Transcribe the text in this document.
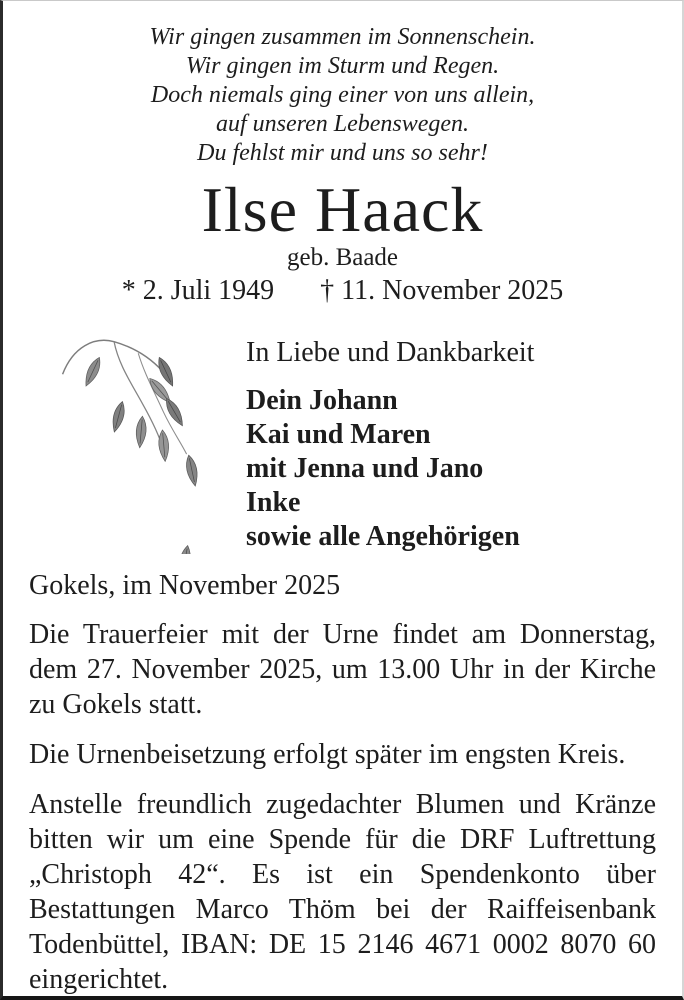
Wir gingen zusammen im Sonnenschein.
Wir gingen im Sturm und Regen.
Doch niemals ging einer von uns allein,
auf unseren Lebenswegen.
Du fehlst mir und uns so sehr!
Ilse Haack
geb. Baade
* 2. Juli 1949 † 11. November 2025
In Liebe und Dankbarkeit
Dein Johann
Kai und Maren
mit Jenna und Jano
Inke
sowie alle Angehörigen
Gokels, im November 2025
Die Trauerfeier mit der Urne findet am Donnerstag, dem 27. November 2025, um 13.00 Uhr in der Kirche zu Gokels statt.
Die Urnenbeisetzung erfolgt später im engsten Kreis.
Anstelle freundlich zugedachter Blumen und Kränze bitten wir um eine Spende für die DRF Luftrettung „Christoph 42“. Es ist ein Spendenkonto über Bestattungen Marco Thöm bei der Raiffeisenbank Todenbüttel, IBAN: DE 15 2146 4671 0002 8070 60 eingerichtet.
